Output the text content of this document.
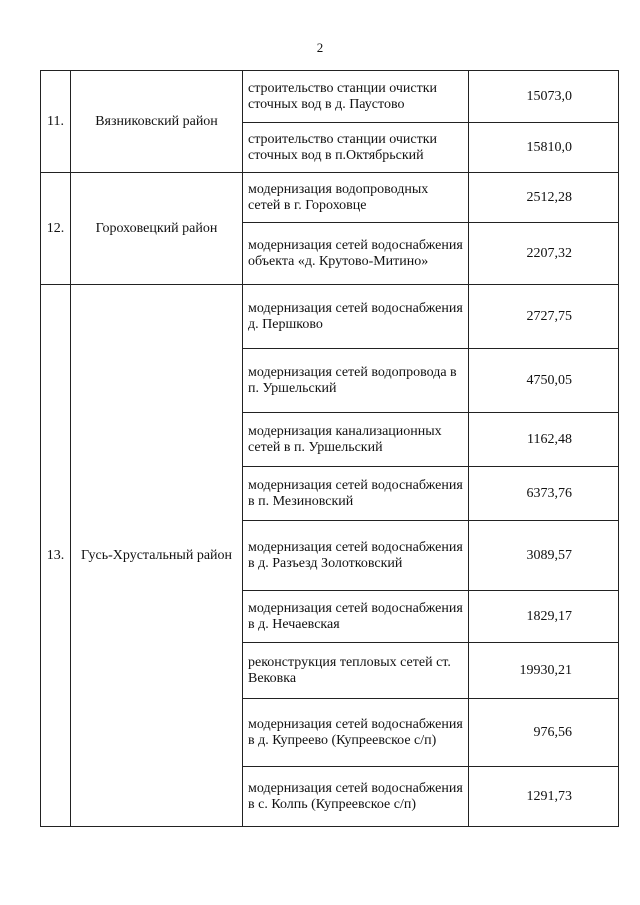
2
11.	Вязниковский район	строительство станции очистки сточных вод в д. Паустово	15073,0
		строительство станции очистки сточных вод в п.Октябрьский	15810,0
12.	Гороховецкий район	модернизация водопроводных сетей в г. Гороховце	2512,28
		модернизация сетей водоснабжения объекта «д. Крутово-Митино»	2207,32
13.	Гусь-Хрустальный район	модернизация сетей водоснабжения д. Першково	2727,75
		модернизация сетей водопровода в п. Уршельский	4750,05
		модернизация канализационных сетей в п. Уршельский	1162,48
		модернизация сетей водоснабжения в п. Мезиновский	6373,76
		модернизация сетей водоснабжения в д. Разъезд Золотковский	3089,57
		модернизация сетей водоснабжения в д. Нечаевская	1829,17
		реконструкция тепловых сетей ст. Вековка	19930,21
		модернизация сетей водоснабжения в д. Купреево (Купреевское с/п)	976,56
		модернизация сетей водоснабжения в с. Колпь (Купреевское с/п)	1291,73
